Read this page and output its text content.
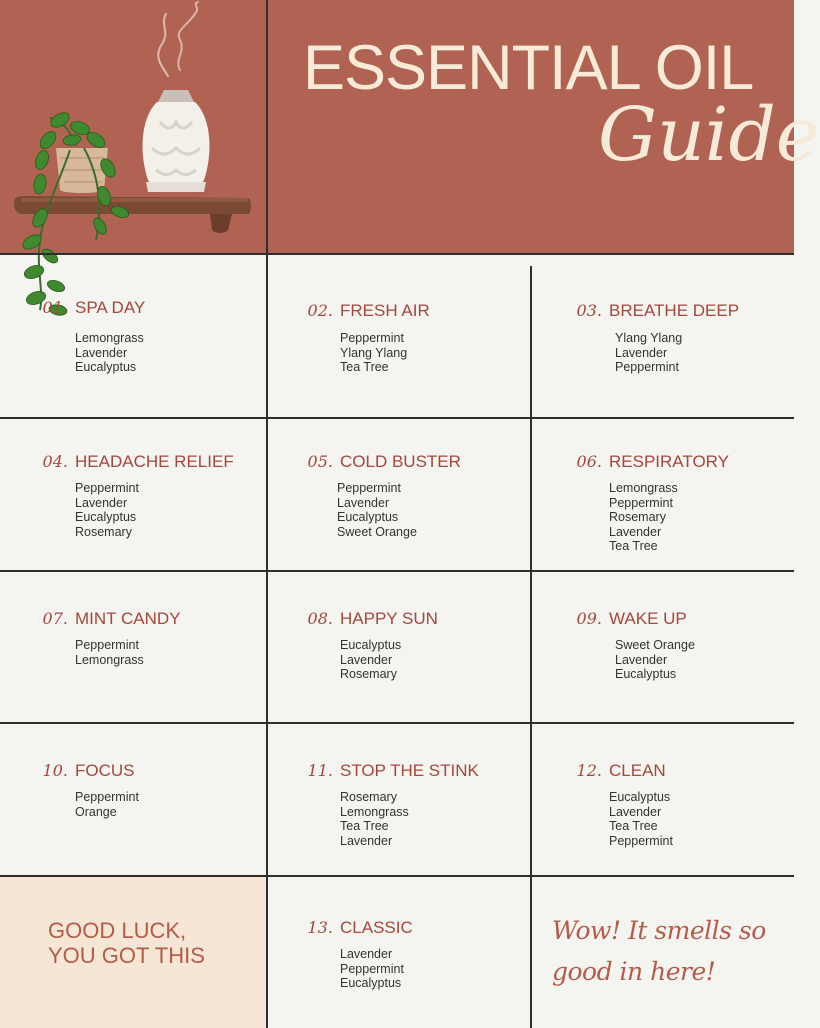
ESSENTIAL OIL
Guide
01. SPA DAY
Lemongrass
Lavender
Eucalyptus
02. FRESH AIR
Peppermint
Ylang Ylang
Tea Tree
03. BREATHE DEEP
Ylang Ylang
Lavender
Peppermint
04. HEADACHE RELIEF
Peppermint
Lavender
Eucalyptus
Rosemary
05. COLD BUSTER
Peppermint
Lavender
Eucalyptus
Sweet Orange
06. RESPIRATORY
Lemongrass
Peppermint
Rosemary
Lavender
Tea Tree
07. MINT CANDY
Peppermint
Lemongrass
08. HAPPY SUN
Eucalyptus
Lavender
Rosemary
09. WAKE UP
Sweet Orange
Lavender
Eucalyptus
10. FOCUS
Peppermint
Orange
11. STOP THE STINK
Rosemary
Lemongrass
Tea Tree
Lavender
12. CLEAN
Eucalyptus
Lavender
Tea Tree
Peppermint
GOOD LUCK,
YOU GOT THIS
13. CLASSIC
Lavender
Peppermint
Eucalyptus
Wow! It smells so
good in here!
